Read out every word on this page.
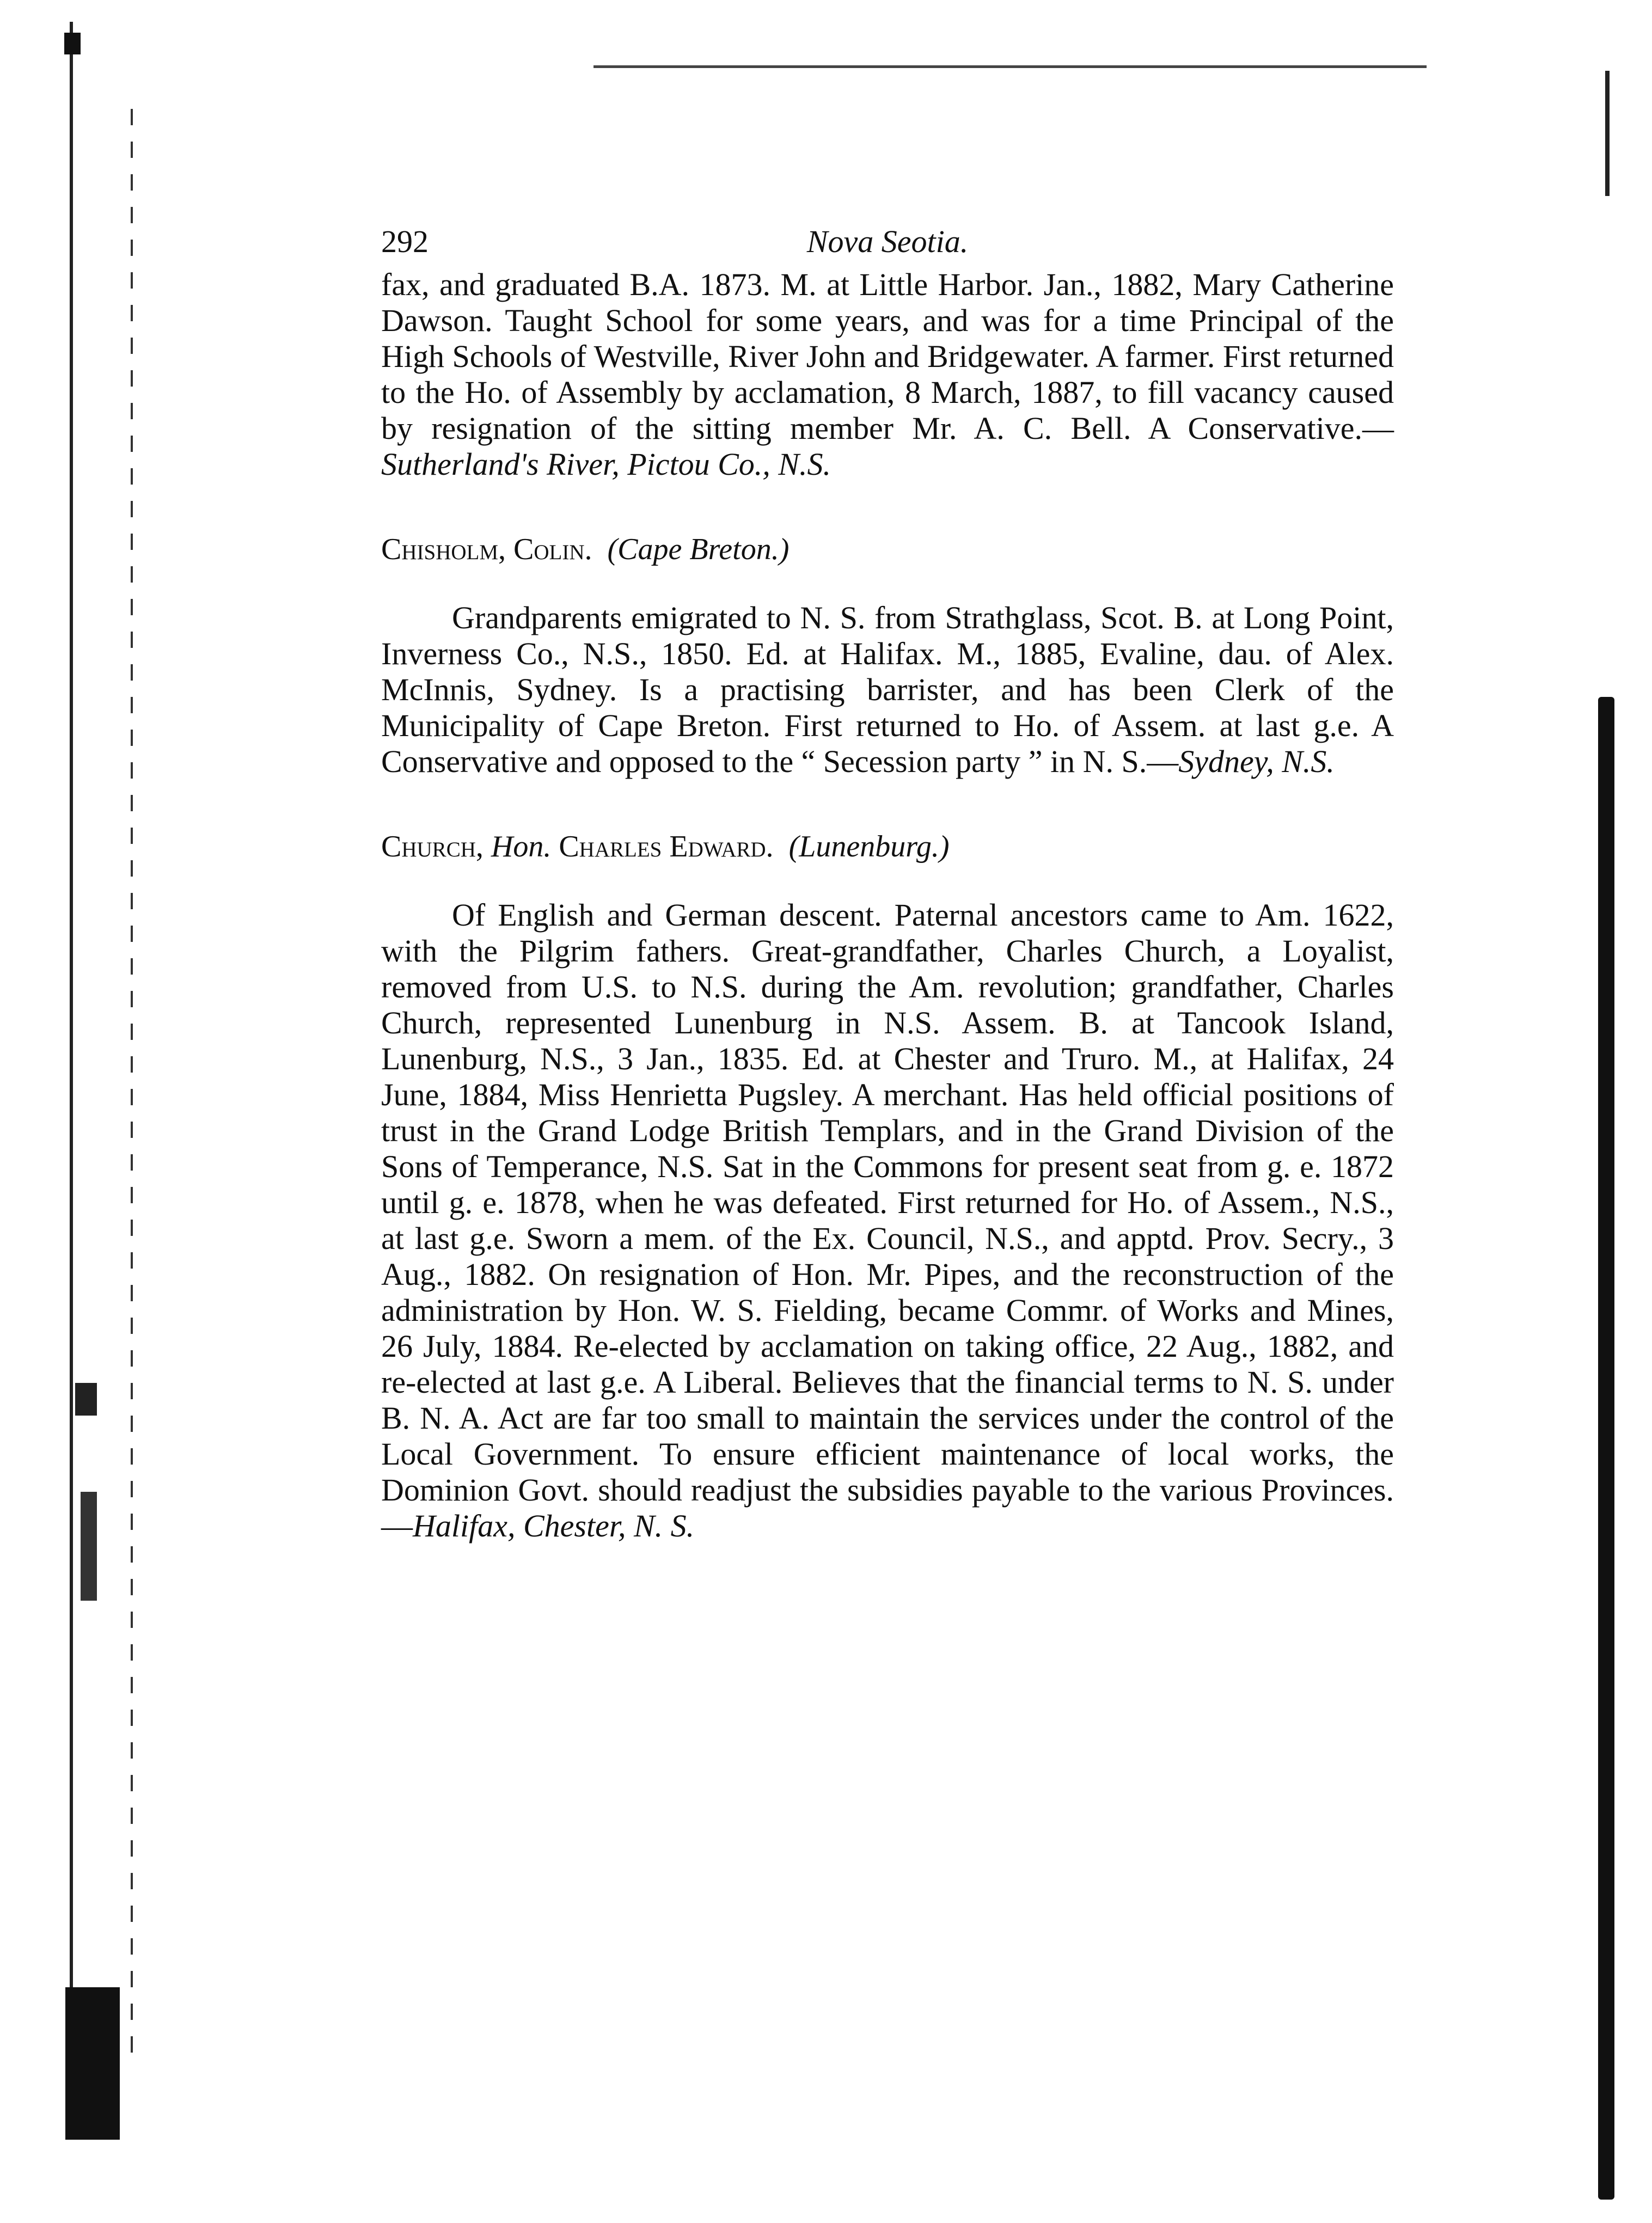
292	Nova Seotia.

fax, and graduated B.A. 1873. M. at Little Harbor. Jan., 1882, Mary Catherine Dawson. Taught School for some years, and was for a time Principal of the High Schools of Westville, River John and Bridgewater. A farmer. First returned to the Ho. of Assembly by acclamation, 8 March, 1887, to fill vacancy caused by resignation of the sitting member Mr. A. C. Bell. A Conservative.—Sutherland's River, Pictou Co., N.S.

Chisholm, Colin. (Cape Breton.)

Grandparents emigrated to N. S. from Strathglass, Scot. B. at Long Point, Inverness Co., N.S., 1850. Ed. at Halifax. M., 1885, Evaline, dau. of Alex. McInnis, Sydney. Is a practising barrister, and has been Clerk of the Municipality of Cape Breton. First returned to Ho. of Assem. at last g.e. A Conservative and opposed to the “ Secession party ” in N. S.—Sydney, N.S.

Church, Hon. Charles Edward. (Lunenburg.)

Of English and German descent. Paternal ancestors came to Am. 1622, with the Pilgrim fathers. Great-grandfather, Charles Church, a Loyalist, removed from U.S. to N.S. during the Am. revolution; grandfather, Charles Church, represented Lunenburg in N.S. Assem. B. at Tancook Island, Lunenburg, N.S., 3 Jan., 1835. Ed. at Chester and Truro. M., at Halifax, 24 June, 1884, Miss Henrietta Pugsley. A merchant. Has held official positions of trust in the Grand Lodge British Templars, and in the Grand Division of the Sons of Temperance, N.S. Sat in the Commons for present seat from g. e. 1872 until g. e. 1878, when he was defeated. First returned for Ho. of Assem., N.S., at last g.e. Sworn a mem. of the Ex. Council, N.S., and apptd. Prov. Secry., 3 Aug., 1882. On resignation of Hon. Mr. Pipes, and the reconstruction of the administration by Hon. W. S. Fielding, became Commr. of Works and Mines, 26 July, 1884. Re-elected by acclamation on taking office, 22 Aug., 1882, and re-elected at last g.e. A Liberal. Believes that the financial terms to N. S. under B. N. A. Act are far too small to maintain the services under the control of the Local Government. To ensure efficient maintenance of local works, the Dominion Govt. should readjust the subsidies payable to the various Provinces.—Halifax, Chester, N. S.
